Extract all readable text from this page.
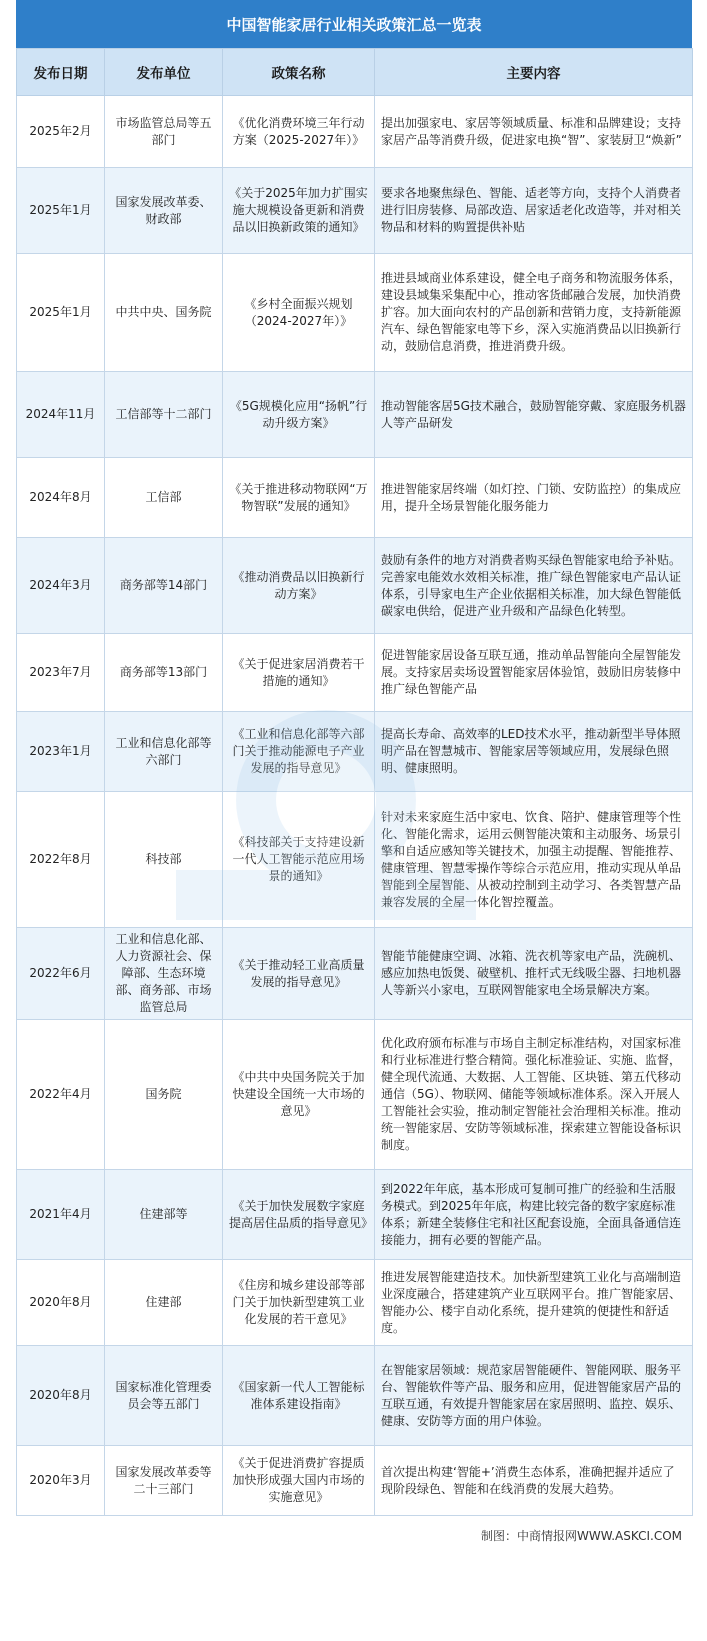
中国智能家居行业相关政策汇总一览表
发布日期	发布单位	政策名称	主要内容
2025年2月	市场监管总局等五部门	《优化消费环境三年行动方案（2025-2027年）》	提出加强家电、家居等领域质量、标准和品牌建设；支持家居产品等消费升级，促进家电换“智”、家装厨卫“焕新”
2025年1月	国家发展改革委、财政部	《关于2025年加力扩围实施大规模设备更新和消费品以旧换新政策的通知》	要求各地聚焦绿色、智能、适老等方向，支持个人消费者进行旧房装修、局部改造、居家适老化改造等，并对相关物品和材料的购置提供补贴
2025年1月	中共中央、国务院	《乡村全面振兴规划（2024-2027年）》	推进县域商业体系建设，健全电子商务和物流服务体系，建设县域集采集配中心，推动客货邮融合发展，加快消费扩容。加大面向农村的产品创新和营销力度，支持新能源汽车、绿色智能家电等下乡，深入实施消费品以旧换新行动，鼓励信息消费，推进消费升级。
2024年11月	工信部等十二部门	《5G规模化应用“扬帆”行动升级方案》	推动智能客居5G技术融合，鼓励智能穿戴、家庭服务机器人等产品研发
2024年8月	工信部	《关于推进移动物联网“万物智联”发展的通知》	推进智能家居终端（如灯控、门锁、安防监控）的集成应用，提升全场景智能化服务能力
2024年3月	商务部等14部门	《推动消费品以旧换新行动方案》	鼓励有条件的地方对消费者购买绿色智能家电给予补贴。完善家电能效水效相关标准，推广绿色智能家电产品认证体系，引导家电生产企业依据相关标准，加大绿色智能低碳家电供给，促进产业升级和产品绿色化转型。
2023年7月	商务部等13部门	《关于促进家居消费若干措施的通知》	促进智能家居设备互联互通，推动单品智能向全屋智能发展。支持家居卖场设置智能家居体验馆，鼓励旧房装修中推广绿色智能产品
2023年1月	工业和信息化部等六部门	《工业和信息化部等六部门关于推动能源电子产业发展的指导意见》	提高长寿命、高效率的LED技术水平，推动新型半导体照明产品在智慧城市、智能家居等领域应用，发展绿色照明、健康照明。
2022年8月	科技部	《科技部关于支持建设新一代人工智能示范应用场景的通知》	针对未来家庭生活中家电、饮食、陪护、健康管理等个性化、智能化需求，运用云侧智能决策和主动服务、场景引擎和自适应感知等关键技术，加强主动提醒、智能推荐、健康管理、智慧零操作等综合示范应用，推动实现从单品智能到全屋智能、从被动控制到主动学习、各类智慧产品兼容发展的全屋一体化智控覆盖。
2022年6月	工业和信息化部、人力资源社会、保障部、生态环境部、商务部、市场监管总局	《关于推动轻工业高质量发展的指导意见》	智能节能健康空调、冰箱、洗衣机等家电产品，洗碗机、感应加热电饭煲、破壁机、推杆式无线吸尘器、扫地机器人等新兴小家电，互联网智能家电全场景解决方案。
2022年4月	国务院	《中共中央国务院关于加快建设全国统一大市场的意见》	优化政府颁布标准与市场自主制定标准结构，对国家标准和行业标准进行整合精简。强化标准验证、实施、监督，健全现代流通、大数据、人工智能、区块链、第五代移动通信（5G）、物联网、储能等领域标准体系。深入开展人工智能社会实验，推动制定智能社会治理相关标准。推动统一智能家居、安防等领域标准，探索建立智能设备标识制度。
2021年4月	住建部等	《关于加快发展数字家庭提高居住品质的指导意见》	到2022年年底，基本形成可复制可推广的经验和生活服务模式。到2025年年底，构建比较完备的数字家庭标准体系；新建全装修住宅和社区配套设施，全面具备通信连接能力，拥有必要的智能产品。
2020年8月	住建部	《住房和城乡建设部等部门关于加快新型建筑工业化发展的若干意见》	推进发展智能建造技术。加快新型建筑工业化与高端制造业深度融合，搭建建筑产业互联网平台。推广智能家居、智能办公、楼宇自动化系统，提升建筑的便捷性和舒适度。
2020年8月	国家标准化管理委员会等五部门	《国家新一代人工智能标准体系建设指南》	在智能家居领域：规范家居智能硬件、智能网联、服务平台、智能软件等产品、服务和应用，促进智能家居产品的互联互通，有效提升智能家居在家居照明、监控、娱乐、健康、安防等方面的用户体验。
2020年3月	国家发展改革委等二十三部门	《关于促进消费扩容提质加快形成强大国内市场的实施意见》	首次提出构建‘智能+’消费生态体系，准确把握并适应了现阶段绿色、智能和在线消费的发展大趋势。
制图：中商情报网WWW.ASKCI.COM
